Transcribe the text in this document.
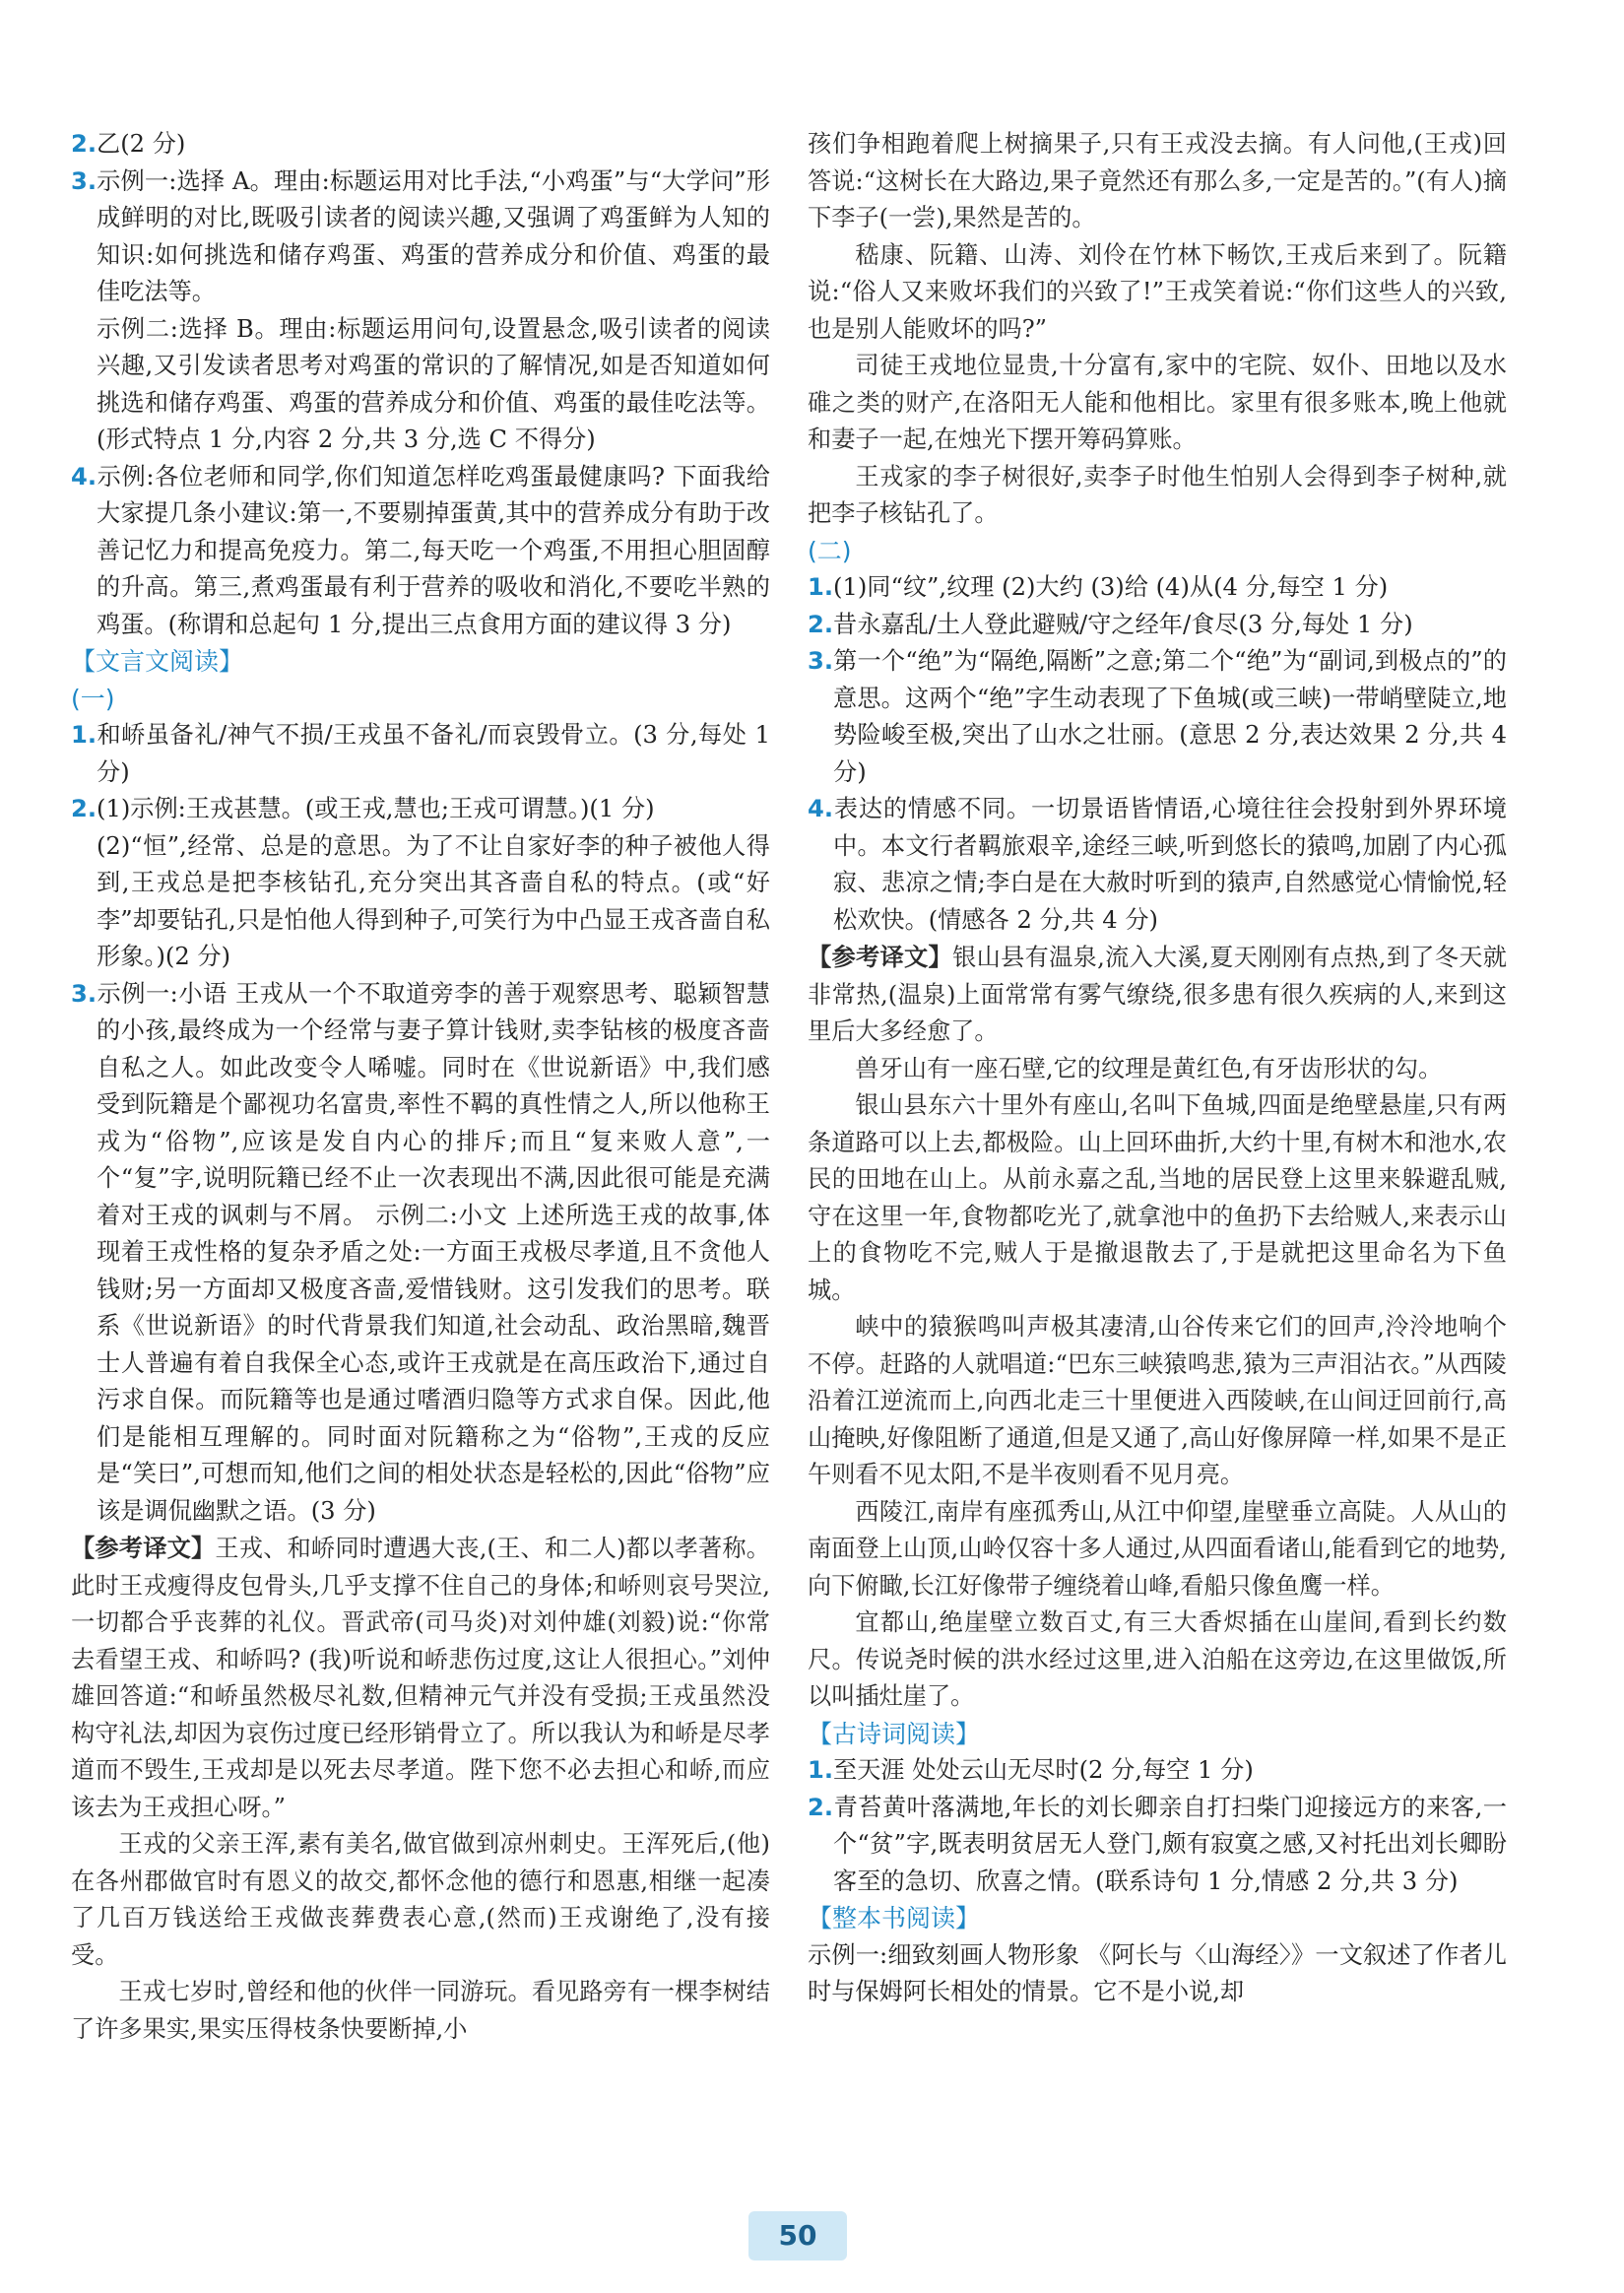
2.乙(2 分)

3.示例一:选择 A。理由:标题运用对比手法,“小鸡蛋”与“大学问”形成鲜明的对比,既吸引读者的阅读兴趣,又强调了鸡蛋鲜为人知的知识:如何挑选和储存鸡蛋、鸡蛋的营养成分和价值、鸡蛋的最佳吃法等。

示例二:选择 B。理由:标题运用问句,设置悬念,吸引读者的阅读兴趣,又引发读者思考对鸡蛋的常识的了解情况,如是否知道如何挑选和储存鸡蛋、鸡蛋的营养成分和价值、鸡蛋的最佳吃法等。(形式特点 1 分,内容 2 分,共 3 分,选 C 不得分)

4.示例:各位老师和同学,你们知道怎样吃鸡蛋最健康吗? 下面我给大家提几条小建议:第一,不要剔掉蛋黄,其中的营养成分有助于改善记忆力和提高免疫力。第二,每天吃一个鸡蛋,不用担心胆固醇的升高。第三,煮鸡蛋最有利于营养的吸收和消化,不要吃半熟的鸡蛋。(称谓和总起句 1 分,提出三点食用方面的建议得 3 分)

【文言文阅读】

(一)

1.和峤虽备礼/神气不损/王戎虽不备礼/而哀毁骨立。(3 分,每处 1 分)

2.(1)示例:王戎甚慧。(或王戎,慧也;王戎可谓慧。)(1 分)

(2)“恒”,经常、总是的意思。为了不让自家好李的种子被他人得到,王戎总是把李核钻孔,充分突出其吝啬自私的特点。(或“好李”却要钻孔,只是怕他人得到种子,可笑行为中凸显王戎吝啬自私形象。)(2 分)

3.示例一:小语 王戎从一个不取道旁李的善于观察思考、聪颖智慧的小孩,最终成为一个经常与妻子算计钱财,卖李钻核的极度吝啬自私之人。如此改变令人唏嘘。同时在《世说新语》中,我们感受到阮籍是个鄙视功名富贵,率性不羁的真性情之人,所以他称王戎为“俗物”,应该是发自内心的排斥;而且“复来败人意”,一个“复”字,说明阮籍已经不止一次表现出不满,因此很可能是充满着对王戎的讽刺与不屑。 示例二:小文 上述所选王戎的故事,体现着王戎性格的复杂矛盾之处:一方面王戎极尽孝道,且不贪他人钱财;另一方面却又极度吝啬,爱惜钱财。这引发我们的思考。联系《世说新语》的时代背景我们知道,社会动乱、政治黑暗,魏晋士人普遍有着自我保全心态,或许王戎就是在高压政治下,通过自污求自保。而阮籍等也是通过嗜酒归隐等方式求自保。因此,他们是能相互理解的。同时面对阮籍称之为“俗物”,王戎的反应是“笑曰”,可想而知,他们之间的相处状态是轻松的,因此“俗物”应该是调侃幽默之语。(3 分)

【参考译文】王戎、和峤同时遭遇大丧,(王、和二人)都以孝著称。此时王戎瘦得皮包骨头,几乎支撑不住自己的身体;和峤则哀号哭泣,一切都合乎丧葬的礼仪。晋武帝(司马炎)对刘仲雄(刘毅)说:“你常去看望王戎、和峤吗? (我)听说和峤悲伤过度,这让人很担心。”刘仲雄回答道:“和峤虽然极尽礼数,但精神元气并没有受损;王戎虽然没构守礼法,却因为哀伤过度已经形销骨立了。所以我认为和峤是尽孝道而不毁生,王戎却是以死去尽孝道。陛下您不必去担心和峤,而应该去为王戎担心呀。”

王戎的父亲王浑,素有美名,做官做到凉州刺史。王浑死后,(他)在各州郡做官时有恩义的故交,都怀念他的德行和恩惠,相继一起凑了几百万钱送给王戎做丧葬费表心意,(然而)王戎谢绝了,没有接受。

王戎七岁时,曾经和他的伙伴一同游玩。看见路旁有一棵李树结了许多果实,果实压得枝条快要断掉,小

孩们争相跑着爬上树摘果子,只有王戎没去摘。有人问他,(王戎)回答说:“这树长在大路边,果子竟然还有那么多,一定是苦的。”(有人)摘下李子(一尝),果然是苦的。

嵇康、阮籍、山涛、刘伶在竹林下畅饮,王戎后来到了。阮籍说:“俗人又来败坏我们的兴致了!”王戎笑着说:“你们这些人的兴致,也是别人能败坏的吗?”

司徒王戎地位显贵,十分富有,家中的宅院、奴仆、田地以及水碓之类的财产,在洛阳无人能和他相比。家里有很多账本,晚上他就和妻子一起,在烛光下摆开筹码算账。

王戎家的李子树很好,卖李子时他生怕别人会得到李子树种,就把李子核钻孔了。

(二)

1.(1)同“纹”,纹理 (2)大约 (3)给 (4)从(4 分,每空 1 分)

2.昔永嘉乱/土人登此避贼/守之经年/食尽(3 分,每处 1 分)

3.第一个“绝”为“隔绝,隔断”之意;第二个“绝”为“副词,到极点的”的意思。这两个“绝”字生动表现了下鱼城(或三峡)一带峭壁陡立,地势险峻至极,突出了山水之壮丽。(意思 2 分,表达效果 2 分,共 4 分)

4.表达的情感不同。一切景语皆情语,心境往往会投射到外界环境中。本文行者羁旅艰辛,途经三峡,听到悠长的猿鸣,加剧了内心孤寂、悲凉之情;李白是在大赦时听到的猿声,自然感觉心情愉悦,轻松欢快。(情感各 2 分,共 4 分)

【参考译文】银山县有温泉,流入大溪,夏天刚刚有点热,到了冬天就非常热,(温泉)上面常常有雾气缭绕,很多患有很久疾病的人,来到这里后大多经愈了。

兽牙山有一座石壁,它的纹理是黄红色,有牙齿形状的勾。

银山县东六十里外有座山,名叫下鱼城,四面是绝壁悬崖,只有两条道路可以上去,都极险。山上回环曲折,大约十里,有树木和池水,农民的田地在山上。从前永嘉之乱,当地的居民登上这里来躲避乱贼,守在这里一年,食物都吃光了,就拿池中的鱼扔下去给贼人,来表示山上的食物吃不完,贼人于是撤退散去了,于是就把这里命名为下鱼城。

峡中的猿猴鸣叫声极其凄清,山谷传来它们的回声,泠泠地响个不停。赶路的人就唱道:“巴东三峡猿鸣悲,猿为三声泪沾衣。”从西陵沿着江逆流而上,向西北走三十里便进入西陵峡,在山间迂回前行,高山掩映,好像阻断了通道,但是又通了,高山好像屏障一样,如果不是正午则看不见太阳,不是半夜则看不见月亮。

西陵江,南岸有座孤秀山,从江中仰望,崖壁垂立高陡。人从山的南面登上山顶,山岭仅容十多人通过,从四面看诸山,能看到它的地势,向下俯瞰,长江好像带子缠绕着山峰,看船只像鱼鹰一样。

宜都山,绝崖壁立数百丈,有三大香烬插在山崖间,看到长约数尺。传说尧时候的洪水经过这里,进入泊船在这旁边,在这里做饭,所以叫插灶崖了。

【古诗词阅读】

1.至天涯 处处云山无尽时(2 分,每空 1 分)

2.青苔黄叶落满地,年长的刘长卿亲自打扫柴门迎接远方的来客,一个“贫”字,既表明贫居无人登门,颇有寂寞之感,又衬托出刘长卿盼客至的急切、欣喜之情。(联系诗句 1 分,情感 2 分,共 3 分)

【整本书阅读】

示例一:细致刻画人物形象 《阿长与〈山海经〉》一文叙述了作者儿时与保姆阿长相处的情景。它不是小说,却

50
